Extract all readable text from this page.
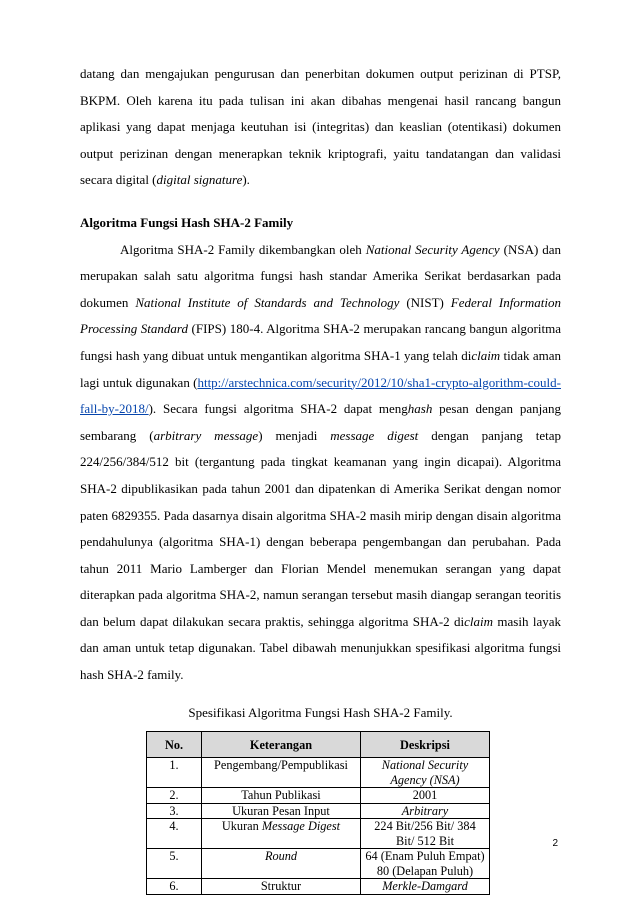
datang dan mengajukan pengurusan dan penerbitan dokumen output perizinan di PTSP, BKPM. Oleh karena itu pada tulisan ini akan dibahas mengenai hasil rancang bangun aplikasi yang dapat menjaga keutuhan isi (integritas) dan keaslian (otentikasi) dokumen output perizinan dengan menerapkan teknik kriptografi, yaitu tandatangan dan validasi secara digital (digital signature).

Algoritma Fungsi Hash SHA-2 Family

Algoritma SHA-2 Family dikembangkan oleh National Security Agency (NSA) dan merupakan salah satu algoritma fungsi hash standar Amerika Serikat berdasarkan pada dokumen National Institute of Standards and Technology (NIST) Federal Information Processing Standard (FIPS) 180-4. Algoritma SHA-2 merupakan rancang bangun algoritma fungsi hash yang dibuat untuk mengantikan algoritma SHA-1 yang telah diclaim tidak aman lagi untuk digunakan (http://arstechnica.com/security/2012/10/sha1-crypto-algorithm-could-fall-by-2018/). Secara fungsi algoritma SHA-2 dapat menghash pesan dengan panjang sembarang (arbitrary message) menjadi message digest dengan panjang tetap 224/256/384/512 bit (tergantung pada tingkat keamanan yang ingin dicapai). Algoritma SHA-2 dipublikasikan pada tahun 2001 dan dipatenkan di Amerika Serikat dengan nomor paten 6829355. Pada dasarnya disain algoritma SHA-2 masih mirip dengan disain algoritma pendahulunya (algoritma SHA-1) dengan beberapa pengembangan dan perubahan. Pada tahun 2011 Mario Lamberger dan Florian Mendel menemukan serangan yang dapat diterapkan pada algoritma SHA-2, namun serangan tersebut masih diangap serangan teoritis dan belum dapat dilakukan secara praktis, sehingga algoritma SHA-2 diclaim masih layak dan aman untuk tetap digunakan. Tabel dibawah menunjukkan spesifikasi algoritma fungsi hash SHA-2 family.

Spesifikasi Algoritma Fungsi Hash SHA-2 Family.
No.	Keterangan	Deskripsi
1.	Pengembang/Pempublikasi	National Security Agency (NSA)
2.	Tahun Publikasi	2001
3.	Ukuran Pesan Input	Arbitrary
4.	Ukuran Message Digest	224 Bit/256 Bit/ 384 Bit/ 512 Bit
5.	Round	64 (Enam Puluh Empat) 80 (Delapan Puluh)
6.	Struktur	Merkle-Damgard
2
